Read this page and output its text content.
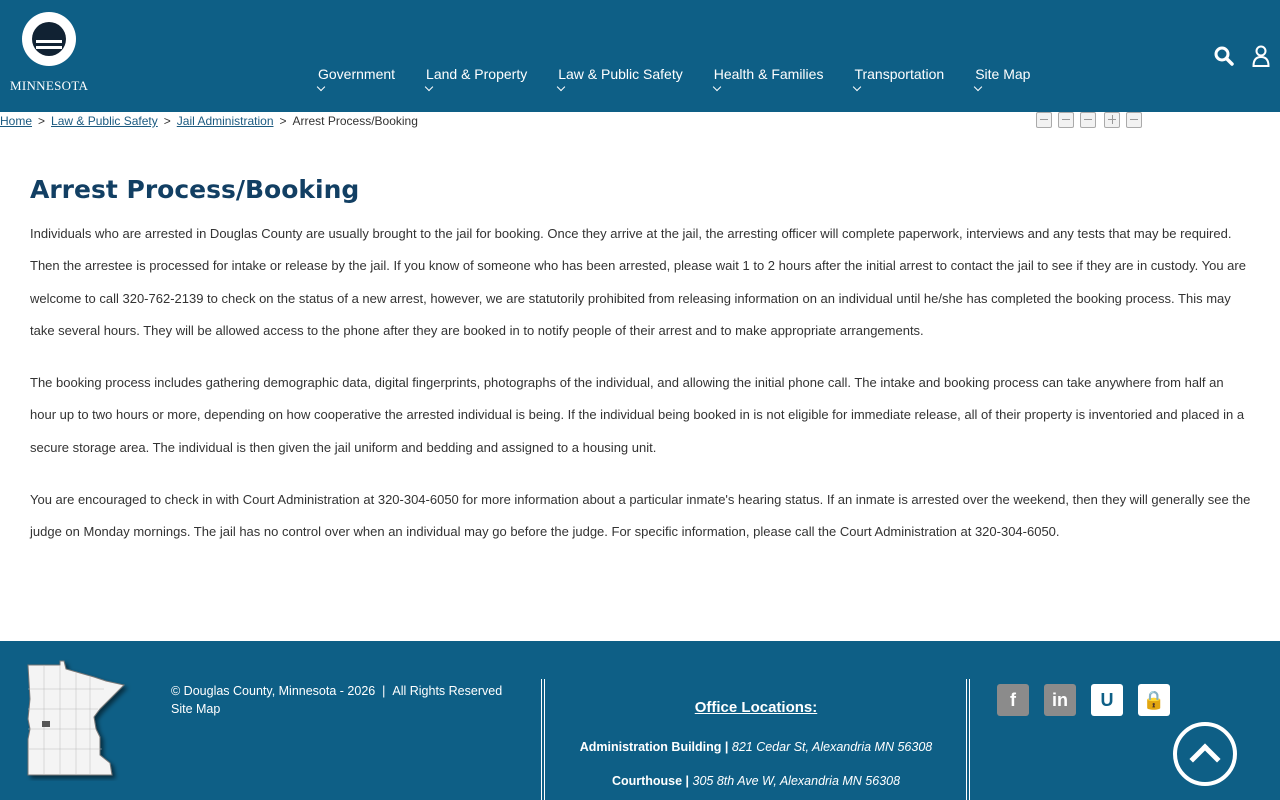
MINNESOTA
Government Land & Property Law & Public Safety Health & Families Transportation Site Map
Home > Law & Public Safety > Jail Administration > Arrest Process/Booking
Arrest Process/Booking

Individuals who are arrested in Douglas County are usually brought to the jail for booking. Once they arrive at the jail, the arresting officer will complete paperwork, interviews and any tests that may be required. Then the arrestee is processed for intake or release by the jail. If you know of someone who has been arrested, please wait 1 to 2 hours after the initial arrest to contact the jail to see if they are in custody. You are welcome to call 320-762-2139 to check on the status of a new arrest, however, we are statutorily prohibited from releasing information on an individual until he/she has completed the booking process. This may take several hours. They will be allowed access to the phone after they are booked in to notify people of their arrest and to make appropriate arrangements.

The booking process includes gathering demographic data, digital fingerprints, photographs of the individual, and allowing the initial phone call. The intake and booking process can take anywhere from half an hour up to two hours or more, depending on how cooperative the arrested individual is being. If the individual being booked in is not eligible for immediate release, all of their property is inventoried and placed in a secure storage area. The individual is then given the jail uniform and bedding and assigned to a housing unit.

You are encouraged to check in with Court Administration at 320-304-6050 for more information about a particular inmate's hearing status. If an inmate is arrested over the weekend, then they will generally see the judge on Monday mornings. The jail has no control over when an individual may go before the judge. For specific information, please call the Court Administration at 320-304-6050.

© Douglas County, Minnesota - 2026  |  All Rights Reserved
Site Map	Office Locations:
Administration Building | 821 Cedar St, Alexandria MN 56308
Courthouse | 305 8th Ave W, Alexandria MN 56308
f	in	U	🔒
